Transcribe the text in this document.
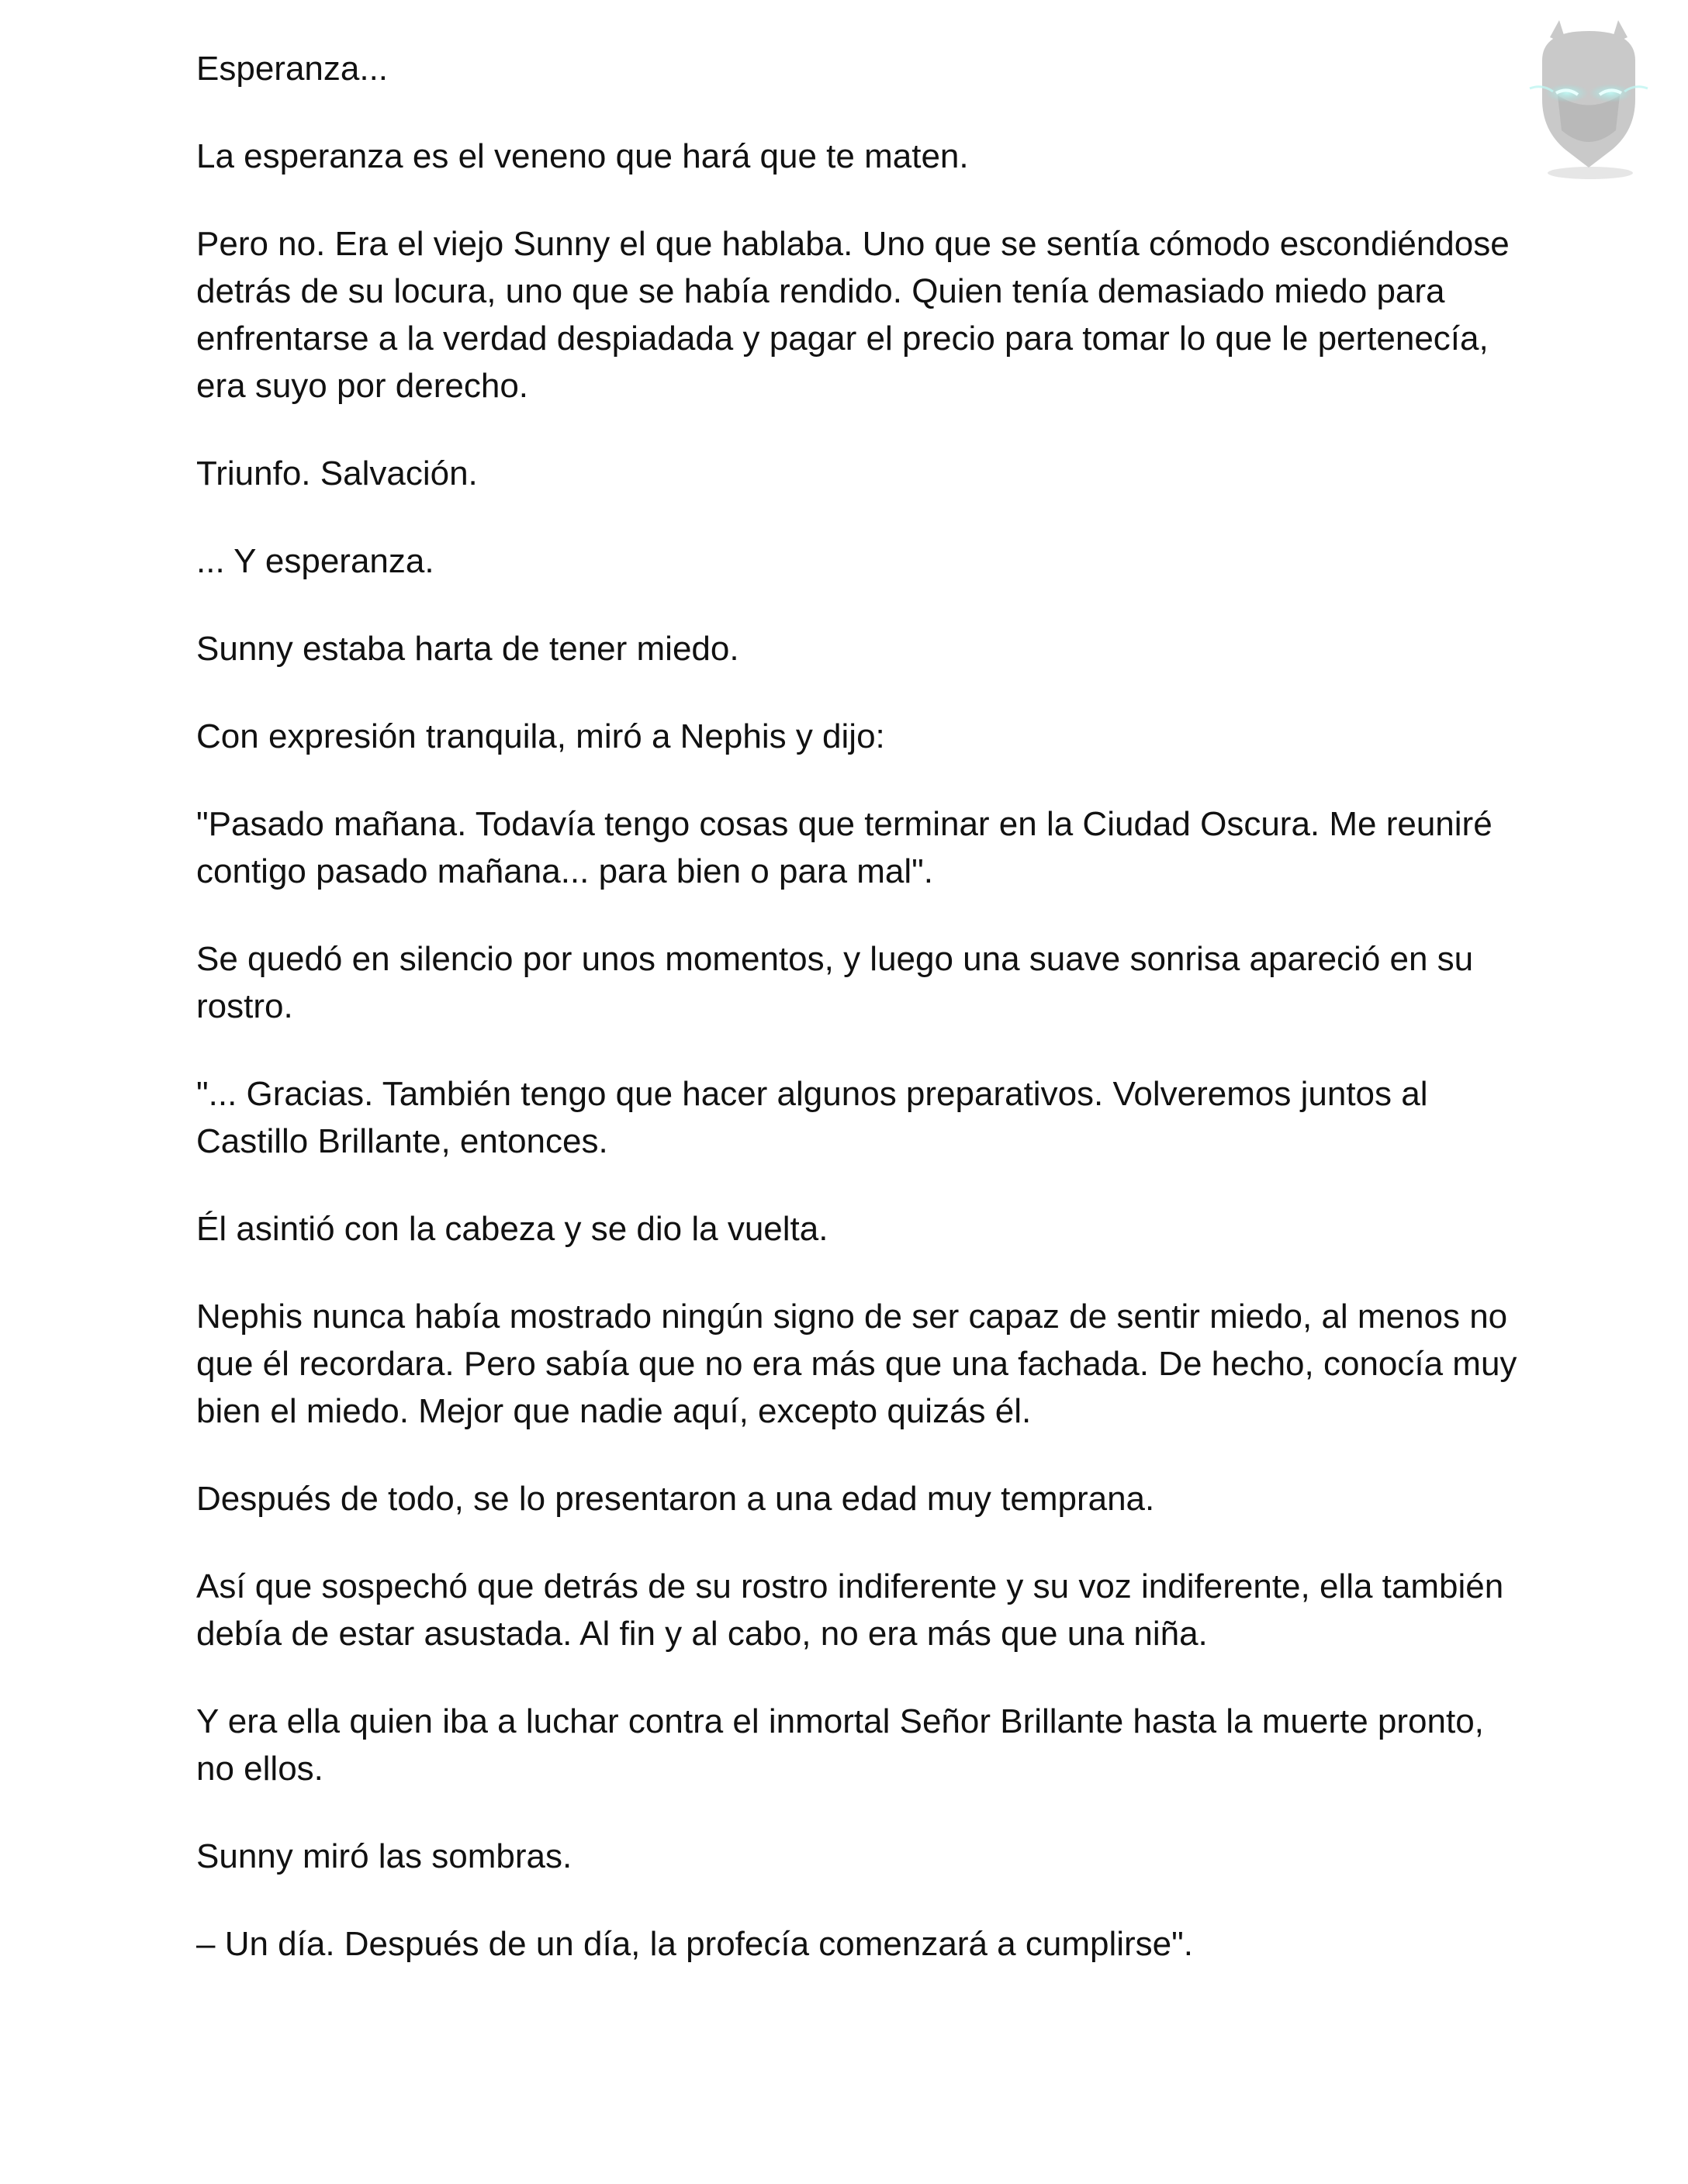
Esperanza...

La esperanza es el veneno que hará que te maten.

Pero no. Era el viejo Sunny el que hablaba. Uno que se sentía cómodo escondiéndose detrás de su locura, uno que se había rendido. Quien tenía demasiado miedo para enfrentarse a la verdad despiadada y pagar el precio para tomar lo que le pertenecía, era suyo por derecho.

Triunfo. Salvación.

... Y esperanza.

Sunny estaba harta de tener miedo.

Con expresión tranquila, miró a Nephis y dijo:

"Pasado mañana. Todavía tengo cosas que terminar en la Ciudad Oscura. Me reuniré contigo pasado mañana... para bien o para mal".

Se quedó en silencio por unos momentos, y luego una suave sonrisa apareció en su rostro.

"... Gracias. También tengo que hacer algunos preparativos. Volveremos juntos al Castillo Brillante, entonces.

Él asintió con la cabeza y se dio la vuelta.

Nephis nunca había mostrado ningún signo de ser capaz de sentir miedo, al menos no que él recordara. Pero sabía que no era más que una fachada. De hecho, conocía muy bien el miedo. Mejor que nadie aquí, excepto quizás él.

Después de todo, se lo presentaron a una edad muy temprana.

Así que sospechó que detrás de su rostro indiferente y su voz indiferente, ella también debía de estar asustada. Al fin y al cabo, no era más que una niña.

Y era ella quien iba a luchar contra el inmortal Señor Brillante hasta la muerte pronto, no ellos.

Sunny miró las sombras.

– Un día. Después de un día, la profecía comenzará a cumplirse".
